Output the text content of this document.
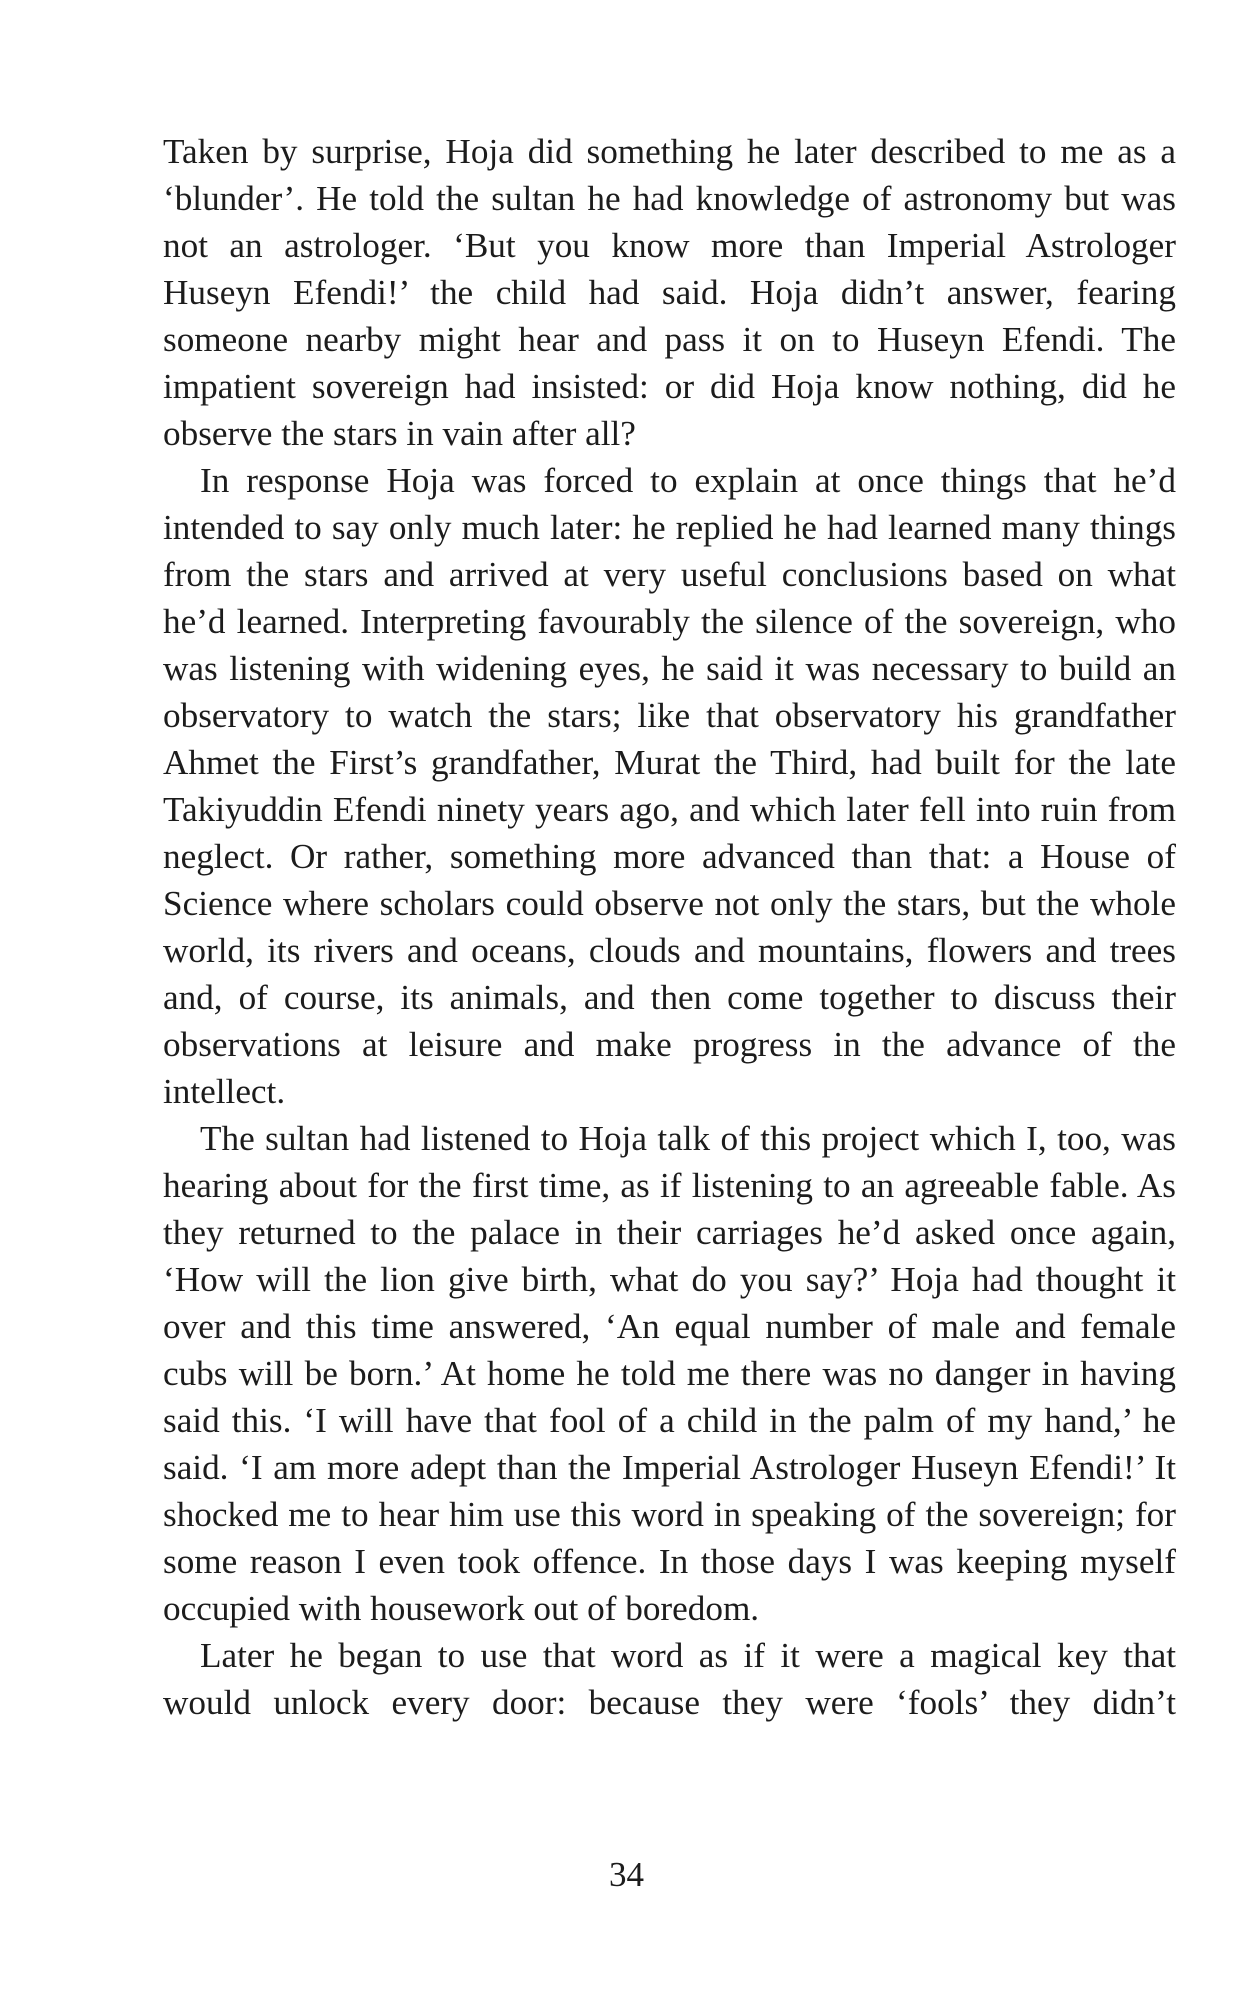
Taken by surprise, Hoja did something he later described to me as a ‘blunder’. He told the sultan he had knowledge of astronomy but was not an astrologer. ‘But you know more than Imperial Astrologer Huseyn Efendi!’ the child had said. Hoja didn’t answer, fearing someone nearby might hear and pass it on to Huseyn Efendi. The impatient sovereign had insisted: or did Hoja know nothing, did he observe the stars in vain after all?

In response Hoja was forced to explain at once things that he’d intended to say only much later: he replied he had learned many things from the stars and arrived at very useful conclusions based on what he’d learned. Interpreting favourably the silence of the sovereign, who was listening with widening eyes, he said it was necessary to build an observatory to watch the stars; like that observatory his grandfather Ahmet the First’s grandfather, Murat the Third, had built for the late Takiyuddin Efendi ninety years ago, and which later fell into ruin from neglect. Or rather, something more advanced than that: a House of Science where scholars could observe not only the stars, but the whole world, its rivers and oceans, clouds and mountains, flowers and trees and, of course, its animals, and then come together to discuss their observations at leisure and make progress in the advance of the intellect.

The sultan had listened to Hoja talk of this project which I, too, was hearing about for the first time, as if listening to an agreeable fable. As they returned to the palace in their carriages he’d asked once again, ‘How will the lion give birth, what do you say?’ Hoja had thought it over and this time answered, ‘An equal number of male and female cubs will be born.’ At home he told me there was no danger in having said this. ‘I will have that fool of a child in the palm of my hand,’ he said. ‘I am more adept than the Imperial Astrologer Huseyn Efendi!’ It shocked me to hear him use this word in speaking of the sovereign; for some reason I even took offence. In those days I was keeping myself occupied with housework out of boredom.

Later he began to use that word as if it were a magical key that would unlock every door: because they were ‘fools’ they didn’t

34
